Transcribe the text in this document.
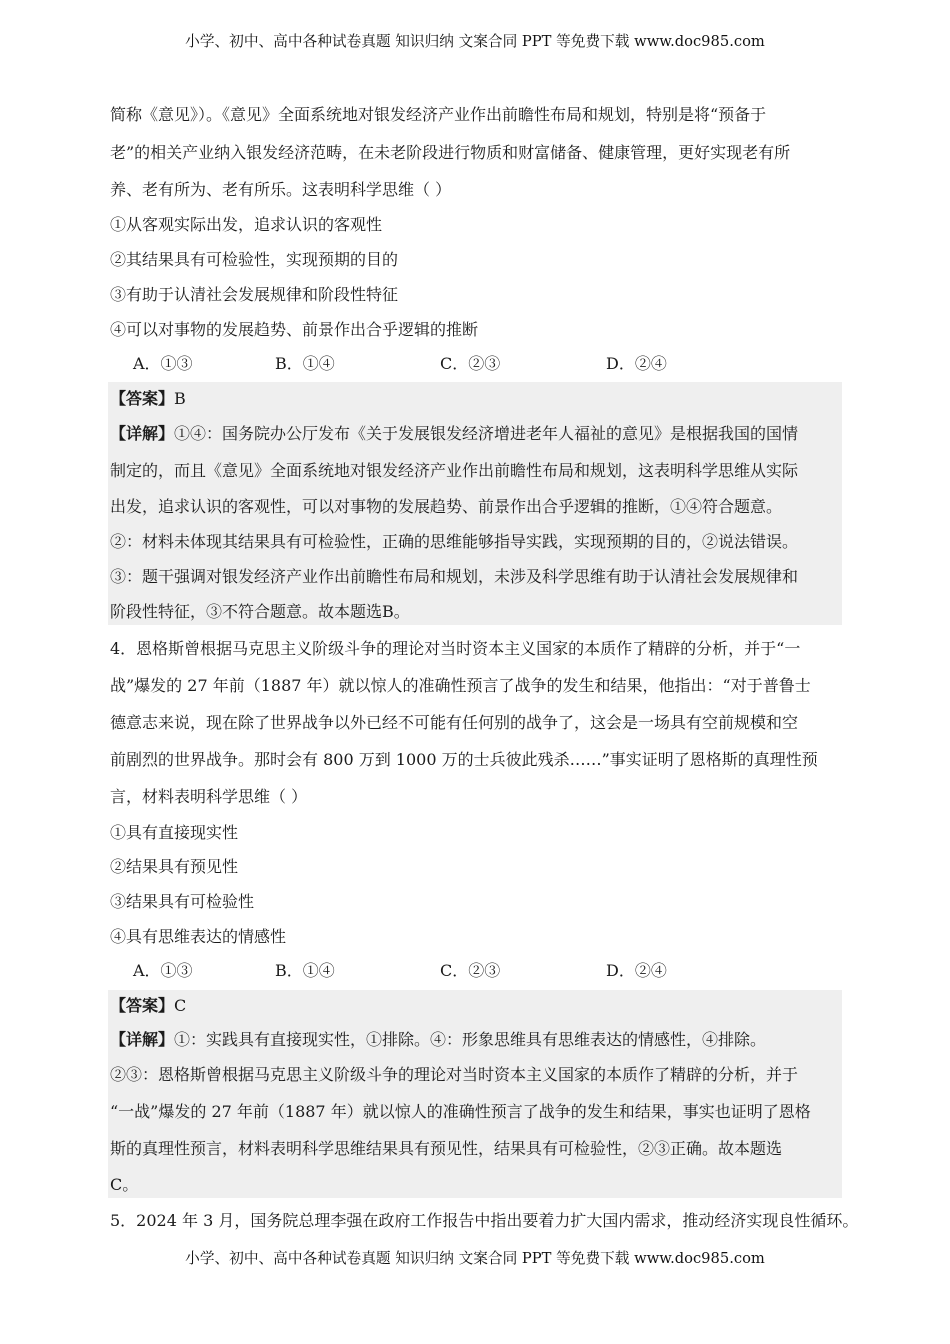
小学、初中、高中各种试卷真题 知识归纳 文案合同 PPT 等免费下载 www.doc985.com
简称《意见》）。《意见》全面系统地对银发经济产业作出前瞻性布局和规划，特别是将“预备于
老”的相关产业纳入银发经济范畴，在未老阶段进行物质和财富储备、健康管理，更好实现老有所
养、老有所为、老有所乐。这表明科学思维（ ）
①从客观实际出发，追求认识的客观性
②其结果具有可检验性，实现预期的目的
③有助于认清社会发展规律和阶段性特征
④可以对事物的发展趋势、前景作出合乎逻辑的推断
A．①③	B．①④	C．②③	D．②④
【答案】B
【详解】①④：国务院办公厅发布《关于发展银发经济增进老年人福祉的意见》是根据我国的国情
制定的，而且《意见》全面系统地对银发经济产业作出前瞻性布局和规划，这表明科学思维从实际
出发，追求认识的客观性，可以对事物的发展趋势、前景作出合乎逻辑的推断，①④符合题意。
②：材料未体现其结果具有可检验性，正确的思维能够指导实践，实现预期的目的，②说法错误。
③：题干强调对银发经济产业作出前瞻性布局和规划，未涉及科学思维有助于认清社会发展规律和
阶段性特征，③不符合题意。故本题选B。
4．恩格斯曾根据马克思主义阶级斗争的理论对当时资本主义国家的本质作了精辟的分析，并于“一
战”爆发的 27 年前（1887 年）就以惊人的准确性预言了战争的发生和结果，他指出：“对于普鲁士
德意志来说，现在除了世界战争以外已经不可能有任何别的战争了，这会是一场具有空前规模和空
前剧烈的世界战争。那时会有 800 万到 1000 万的士兵彼此残杀……”事实证明了恩格斯的真理性预
言，材料表明科学思维（ ）
①具有直接现实性
②结果具有预见性
③结果具有可检验性
④具有思维表达的情感性
A．①③	B．①④	C．②③	D．②④
【答案】C
【详解】①：实践具有直接现实性，①排除。④：形象思维具有思维表达的情感性，④排除。
②③：恩格斯曾根据马克思主义阶级斗争的理论对当时资本主义国家的本质作了精辟的分析，并于
“一战”爆发的 27 年前（1887 年）就以惊人的准确性预言了战争的发生和结果，事实也证明了恩格
斯的真理性预言，材料表明科学思维结果具有预见性，结果具有可检验性，②③正确。故本题选
C。
5．2024 年 3 月，国务院总理李强在政府工作报告中指出要着力扩大国内需求，推动经济实现良性循环。
小学、初中、高中各种试卷真题 知识归纳 文案合同 PPT 等免费下载 www.doc985.com
